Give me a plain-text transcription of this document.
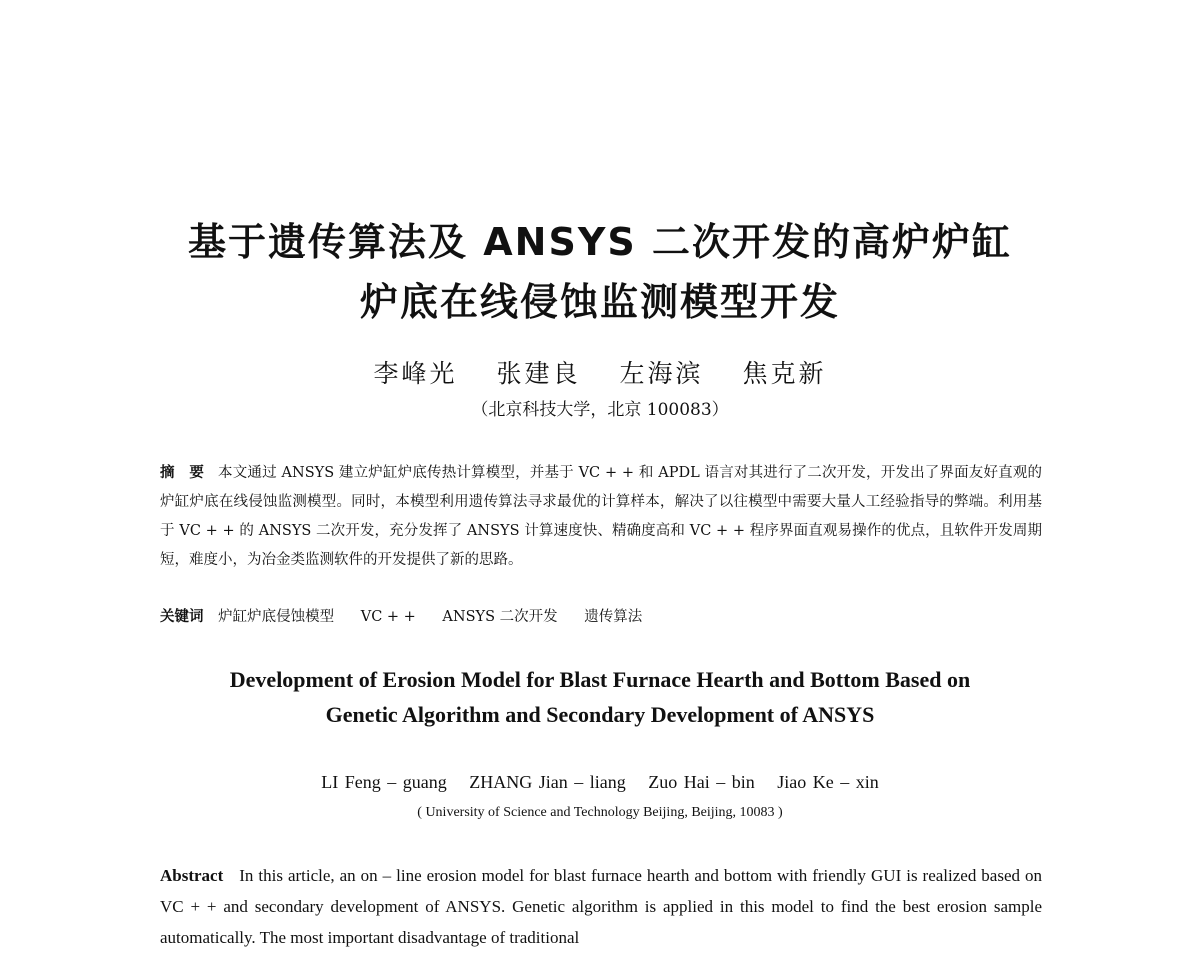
基于遗传算法及 ANSYS 二次开发的高炉炉缸
炉底在线侵蚀监测模型开发
李峰光 张建良 左海滨 焦克新
（北京科技大学，北京 100083）
摘　要 本文通过 ANSYS 建立炉缸炉底传热计算模型，并基于 VC + + 和 APDL 语言对其进行了二次开发，开发出了界面友好直观的炉缸炉底在线侵蚀监测模型。同时，本模型利用遗传算法寻求最优的计算样本，解决了以往模型中需要大量人工经验指导的弊端。利用基于 VC + + 的 ANSYS 二次开发，充分发挥了 ANSYS 计算速度快、精确度高和 VC + + 程序界面直观易操作的优点，且软件开发周期短，难度小，为冶金类监测软件的开发提供了新的思路。
关键词 炉缸炉底侵蚀模型 VC + + ANSYS 二次开发 遗传算法
Development of Erosion Model for Blast Furnace Hearth and Bottom Based on
Genetic Algorithm and Secondary Development of ANSYS
LI Feng – guang ZHANG Jian – liang Zuo Hai – bin Jiao Ke – xin
( University of Science and Technology Beijing, Beijing, 10083 )
Abstract In this article, an on – line erosion model for blast furnace hearth and bottom with friendly GUI is realized based on VC + + and secondary development of ANSYS. Genetic algorithm is applied in this model to find the best erosion sample automatically. The most important disadvantage of traditional
